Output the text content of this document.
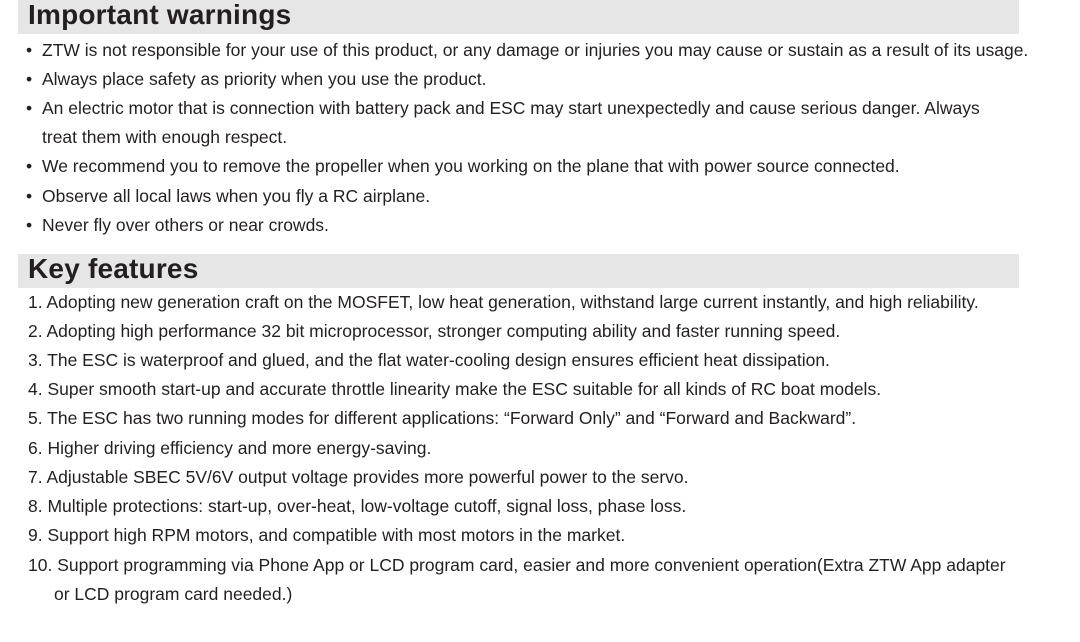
Important warnings
• ZTW is not responsible for your use of this product, or any damage or injuries you may cause or sustain as a result of its usage.
• Always place safety as priority when you use the product.
• An electric motor that is connection with battery pack and ESC may start unexpectedly and cause serious danger. Always
treat them with enough respect.
• We recommend you to remove the propeller when you working on the plane that with power source connected.
• Observe all local laws when you fly a RC airplane.
• Never fly over others or near crowds.
Key features
1. Adopting new generation craft on the MOSFET, low heat generation, withstand large current instantly, and high reliability.
2. Adopting high performance 32 bit microprocessor, stronger computing ability and faster running speed.
3. The ESC is waterproof and glued, and the flat water-cooling design ensures efficient heat dissipation.
4. Super smooth start-up and accurate throttle linearity make the ESC suitable for all kinds of RC boat models.
5. The ESC has two running modes for different applications: “Forward Only” and “Forward and Backward”.
6. Higher driving efficiency and more energy-saving.
7. Adjustable SBEC 5V/6V output voltage provides more powerful power to the servo.
8. Multiple protections: start-up, over-heat, low-voltage cutoff, signal loss, phase loss.
9. Support high RPM motors, and compatible with most motors in the market.
10. Support programming via Phone App or LCD program card, easier and more convenient operation(Extra ZTW App adapter
or LCD program card needed.)
